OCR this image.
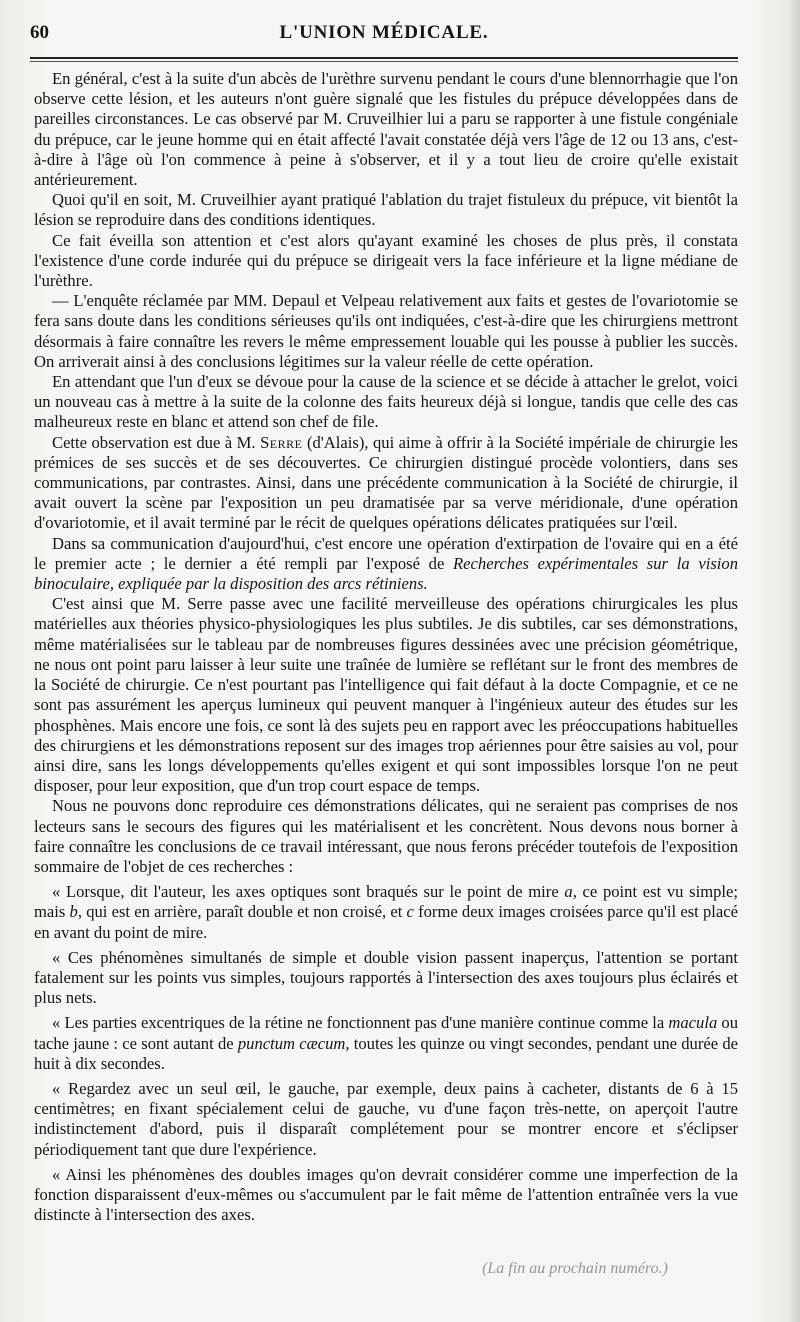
60	L'UNION MÉDICALE.

En général, c'est à la suite d'un abcès de l'urèthre survenu pendant le cours d'une blennorrhagie que l'on observe cette lésion, et les auteurs n'ont guère signalé que les fistules du prépuce développées dans de pareilles circonstances. Le cas observé par M. Cruveilhier lui a paru se rapporter à une fistule congéniale du prépuce, car le jeune homme qui en était affecté l'avait constatée déjà vers l'âge de 12 ou 13 ans, c'est-à-dire à l'âge où l'on commence à peine à s'observer, et il y a tout lieu de croire qu'elle existait antérieurement.

Quoi qu'il en soit, M. Cruveilhier ayant pratiqué l'ablation du trajet fistuleux du prépuce, vit bientôt la lésion se reproduire dans des conditions identiques.

Ce fait éveilla son attention et c'est alors qu'ayant examiné les choses de plus près, il constata l'existence d'une corde indurée qui du prépuce se dirigeait vers la face inférieure et la ligne médiane de l'urèthre.

— L'enquête réclamée par MM. Depaul et Velpeau relativement aux faits et gestes de l'ovariotomie se fera sans doute dans les conditions sérieuses qu'ils ont indiquées, c'est-à-dire que les chirurgiens mettront désormais à faire connaître les revers le même empressement louable qui les pousse à publier les succès. On arriverait ainsi à des conclusions légitimes sur la valeur réelle de cette opération.

En attendant que l'un d'eux se dévoue pour la cause de la science et se décide à attacher le grelot, voici un nouveau cas à mettre à la suite de la colonne des faits heureux déjà si longue, tandis que celle des cas malheureux reste en blanc et attend son chef de file.

Cette observation est due à M. Serre (d'Alais), qui aime à offrir à la Société impériale de chirurgie les prémices de ses succès et de ses découvertes. Ce chirurgien distingué procède volontiers, dans ses communications, par contrastes. Ainsi, dans une précédente communication à la Société de chirurgie, il avait ouvert la scène par l'exposition un peu dramatisée par sa verve méridionale, d'une opération d'ovariotomie, et il avait terminé par le récit de quelques opérations délicates pratiquées sur l'œil.

Dans sa communication d'aujourd'hui, c'est encore une opération d'extirpation de l'ovaire qui en a été le premier acte ; le dernier a été rempli par l'exposé de Recherches expérimentales sur la vision binoculaire, expliquée par la disposition des arcs rétiniens.

C'est ainsi que M. Serre passe avec une facilité merveilleuse des opérations chirurgicales les plus matérielles aux théories physico-physiologiques les plus subtiles. Je dis subtiles, car ses démonstrations, même matérialisées sur le tableau par de nombreuses figures dessinées avec une précision géométrique, ne nous ont point paru laisser à leur suite une traînée de lumière se reflétant sur le front des membres de la Société de chirurgie. Ce n'est pourtant pas l'intelligence qui fait défaut à la docte Compagnie, et ce ne sont pas assurément les aperçus lumineux qui peuvent manquer à l'ingénieux auteur des études sur les phosphènes. Mais encore une fois, ce sont là des sujets peu en rapport avec les préoccupations habituelles des chirurgiens et les démonstrations reposent sur des images trop aériennes pour être saisies au vol, pour ainsi dire, sans les longs développements qu'elles exigent et qui sont impossibles lorsque l'on ne peut disposer, pour leur exposition, que d'un trop court espace de temps.

Nous ne pouvons donc reproduire ces démonstrations délicates, qui ne seraient pas comprises de nos lecteurs sans le secours des figures qui les matérialisent et les concrètent. Nous devons nous borner à faire connaître les conclusions de ce travail intéressant, que nous ferons précéder toutefois de l'exposition sommaire de l'objet de ces recherches :

« Lorsque, dit l'auteur, les axes optiques sont braqués sur le point de mire a, ce point est vu simple; mais b, qui est en arrière, paraît double et non croisé, et c forme deux images croisées parce qu'il est placé en avant du point de mire.

« Ces phénomènes simultanés de simple et double vision passent inaperçus, l'attention se portant fatalement sur les points vus simples, toujours rapportés à l'intersection des axes toujours plus éclairés et plus nets.

« Les parties excentriques de la rétine ne fonctionnent pas d'une manière continue comme la macula ou tache jaune : ce sont autant de punctum cæcum, toutes les quinze ou vingt secondes, pendant une durée de huit à dix secondes.

« Regardez avec un seul œil, le gauche, par exemple, deux pains à cacheter, distants de 6 à 15 centimètres; en fixant spécialement celui de gauche, vu d'une façon très-nette, on aperçoit l'autre indistinctement d'abord, puis il disparaît complétement pour se montrer encore et s'éclipser périodiquement tant que dure l'expérience.

« Ainsi les phénomènes des doubles images qu'on devrait considérer comme une imperfection de la fonction disparaissent d'eux-mêmes ou s'accumulent par le fait même de l'attention entraînée vers la vue distincte à l'intersection des axes.

(La fin au prochain numéro.)
